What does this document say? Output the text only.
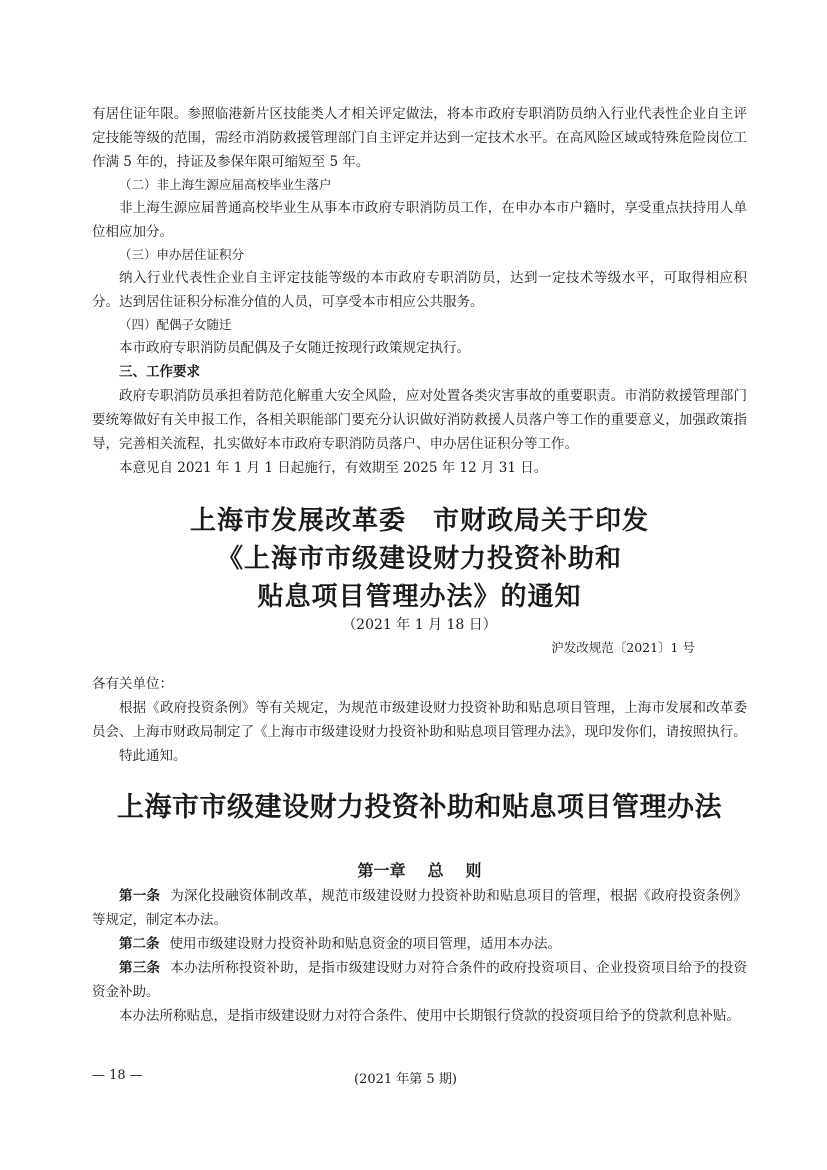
有居住证年限。参照临港新片区技能类人才相关评定做法，将本市政府专职消防员纳入行业代表性企业自主评定技能等级的范围，需经市消防救援管理部门自主评定并达到一定技术水平。在高风险区域或特殊危险岗位工作满 5 年的，持证及参保年限可缩短至 5 年。

（二）非上海生源应届高校毕业生落户

非上海生源应届普通高校毕业生从事本市政府专职消防员工作，在申办本市户籍时，享受重点扶持用人单位相应加分。

（三）申办居住证积分

纳入行业代表性企业自主评定技能等级的本市政府专职消防员，达到一定技术等级水平，可取得相应积分。达到居住证积分标准分值的人员，可享受本市相应公共服务。

（四）配偶子女随迁

本市政府专职消防员配偶及子女随迁按现行政策规定执行。

三、工作要求

政府专职消防员承担着防范化解重大安全风险，应对处置各类灾害事故的重要职责。市消防救援管理部门要统筹做好有关申报工作，各相关职能部门要充分认识做好消防救援人员落户等工作的重要意义，加强政策指导，完善相关流程，扎实做好本市政府专职消防员落户、申办居住证积分等工作。

本意见自 2021 年 1 月 1 日起施行，有效期至 2025 年 12 月 31 日。

上海市发展改革委　市财政局关于印发
《上海市市级建设财力投资补助和
贴息项目管理办法》的通知
（2021 年 1 月 18 日）
沪发改规范〔2021〕1 号

各有关单位：

根据《政府投资条例》等有关规定，为规范市级建设财力投资补助和贴息项目管理，上海市发展和改革委员会、上海市财政局制定了《上海市市级建设财力投资补助和贴息项目管理办法》，现印发你们，请按照执行。

特此通知。

上海市市级建设财力投资补助和贴息项目管理办法
第一章 总 则

第一条 为深化投融资体制改革，规范市级建设财力投资补助和贴息项目的管理，根据《政府投资条例》等规定，制定本办法。

第二条 使用市级建设财力投资补助和贴息资金的项目管理，适用本办法。

第三条 本办法所称投资补助，是指市级建设财力对符合条件的政府投资项目、企业投资项目给予的投资资金补助。

本办法所称贴息，是指市级建设财力对符合条件、使用中长期银行贷款的投资项目给予的贷款利息补贴。

— 18 —	(2021 年第 5 期)
